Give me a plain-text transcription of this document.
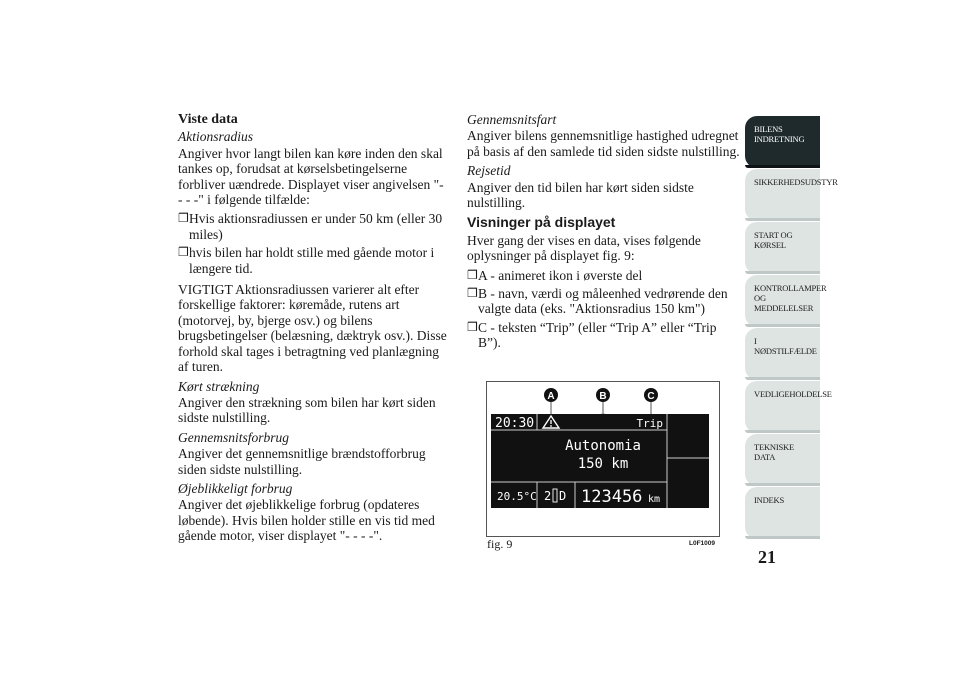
Viste data

Aktionsradius

Angiver hvor langt bilen kan køre inden den skal tankes op, forudsat at kørselsbetingelserne forbliver uændrede. Displayet viser angivelsen "- - - -" i følgende tilfælde:

❒ Hvis aktionsradiussen er under 50 km (eller 30 miles)
❒ hvis bilen har holdt stille med gående motor i længere tid.

VIGTIGT Aktionsradiussen varierer alt efter forskellige faktorer: køremåde, rutens art (motorvej, by, bjerge osv.) og bilens brugsbetingelser (belæsning, dæktryk osv.). Disse forhold skal tages i betragtning ved planlægning af turen.

Kørt strækning

Angiver den strækning som bilen har kørt siden sidste nulstilling.

Gennemsnitsforbrug

Angiver det gennemsnitlige brændstofforbrug siden sidste nulstilling.

Øjeblikkeligt forbrug

Angiver det øjeblikkelige forbrug (opdateres løbende). Hvis bilen holder stille en vis tid med gående motor, viser displayet "- - - -".

Gennemsnitsfart

Angiver bilens gennemsnitlige hastighed udregnet på basis af den samlede tid siden sidste nulstilling.

Rejsetid

Angiver den tid bilen har kørt siden sidste nulstilling.

Visninger på displayet

Hver gang der vises en data, vises følgende oplysninger på displayet fig. 9:

❒ A - animeret ikon i øverste del
❒ B - navn, værdi og måleenhed vedrørende den valgte data (eks. "Aktionsradius 150 km")
❒ C - teksten “Trip” (eller “Trip A” eller “Trip B”).
A	B	C
20:30	Trip
Autonomia
150 km
20.5°C 2 D 123456 km
fig. 9	L0F1009
BILENS INDRETNING
SIKKERHEDSUDSTYR
START OG KØRSEL
KONTROLLAMPER OG MEDDELELSER
I NØDSTILFÆLDE
VEDLIGEHOLDELSE
TEKNISKE DATA
INDEKS
21
